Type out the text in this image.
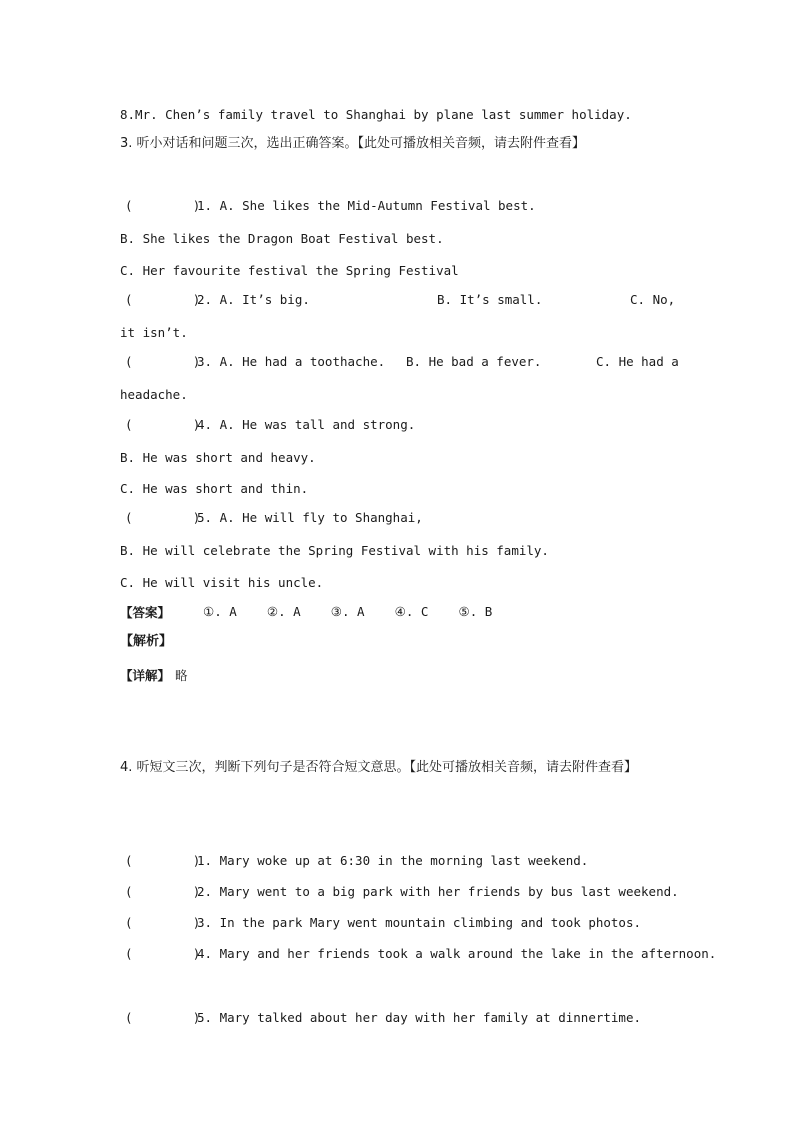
8.Mr. Chen’s family travel to Shanghai by plane last summer holiday.
3. 听小对话和问题三次，选出正确答案。【此处可播放相关音频，请去附件查看】
(        )
1. A. She likes the Mid-Autumn Festival best.
B. She likes the Dragon Boat Festival best.
C. Her favourite festival the Spring Festival
(        )
2. A. It’s big.	B. It’s small.	C. No,
it isn’t.
(        )
3. A. He had a toothache. B. He bad a fever.	C. He had a
headache.
(        )
4. A. He was tall and strong.
B. He was short and heavy.
C. He was short and thin.
(        )
5. A. He will fly to Shanghai,
B. He will celebrate the Spring Festival with his family.
C. He will visit his uncle.
【答案】	①. A    ②. A    ③. A    ④. C    ⑤. B
【解析】
【详解】 略
4. 听短文三次，判断下列句子是否符合短文意思。【此处可播放相关音频，请去附件查看】
(        )
1. Mary woke up at 6:30 in the morning last weekend.
(        )
2. Mary went to a big park with her friends by bus last weekend.
(        )
3. In the park Mary went mountain climbing and took photos.
(        )
4. Mary and her friends took a walk around the lake in the afternoon.
(        )
5. Mary talked about her day with her family at dinnertime.
